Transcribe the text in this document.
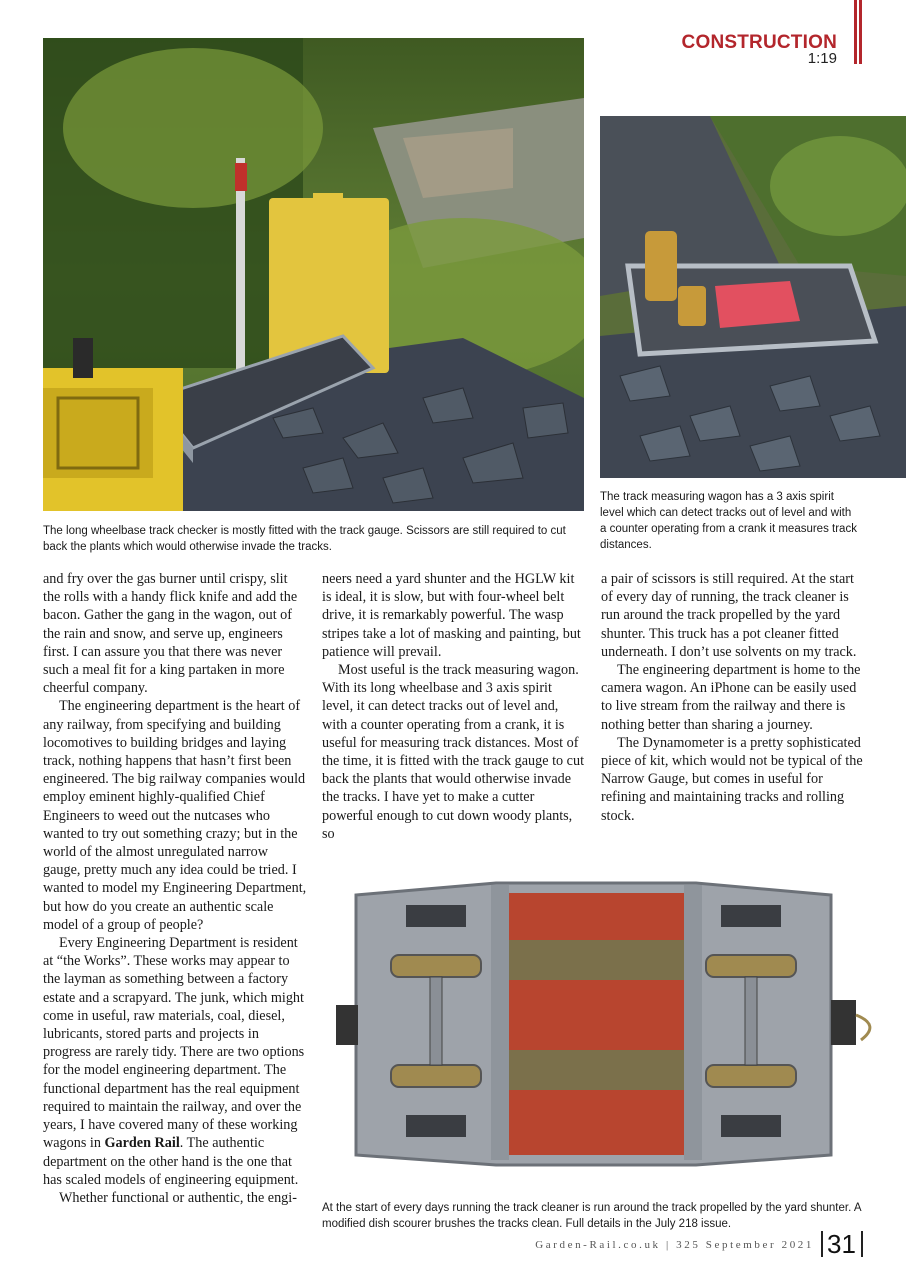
CONSTRUCTION
1:19
The long wheelbase track checker is mostly fitted with the track gauge. Scissors are still required to cut back the plants which would otherwise invade the tracks.
The track measuring wagon has a 3 axis spirit level which can detect tracks out of level and with a counter operating from a crank it measures track distances.

and fry over the gas burner until crispy, slit the rolls with a handy flick knife and add the bacon. Gather the gang in the wagon, out of the rain and snow, and serve up, engineers first. I can assure you that there was never such a meal fit for a king partaken in more cheerful company.

The engineering department is the heart of any railway, from specifying and building locomotives to building bridges and laying track, nothing happens that hasn’t first been engineered. The big railway companies would employ eminent highly-qualified Chief Engineers to weed out the nutcases who wanted to try out something crazy; but in the world of the almost unregulated narrow gauge, pretty much any idea could be tried. I wanted to model my Engineering Department, but how do you create an authentic scale model of a group of people?

Every Engineering Department is resident at “the Works”. These works may appear to the layman as something between a factory estate and a scrapyard. The junk, which might come in useful, raw materials, coal, diesel, lubricants, stored parts and projects in progress are rarely tidy. There are two options for the model engineering department. The functional department has the real equipment required to maintain the railway, and over the years, I have covered many of these working wagons in Garden Rail. The authentic department on the other hand is the one that has scaled models of engineering equipment.

Whether functional or authentic, the engi-

neers need a yard shunter and the HGLW kit is ideal, it is slow, but with four-wheel belt drive, it is remarkably powerful. The wasp stripes take a lot of masking and painting, but patience will prevail.

Most useful is the track measuring wagon. With its long wheelbase and 3 axis spirit level, it can detect tracks out of level and, with a counter operating from a crank, it is useful for measuring track distances. Most of the time, it is fitted with the track gauge to cut back the plants that would otherwise invade the tracks. I have yet to make a cutter powerful enough to cut down woody plants, so

a pair of scissors is still required. At the start of every day of running, the track cleaner is run around the track propelled by the yard shunter. This truck has a pot cleaner fitted underneath. I don’t use solvents on my track.

The engineering department is home to the camera wagon. An iPhone can be easily used to live stream from the railway and there is nothing better than sharing a journey.

The Dynamometer is a pretty sophisticated piece of kit, which would not be typical of the Narrow Gauge, but comes in useful for refining and maintaining tracks and rolling stock.

At the start of every days running the track cleaner is run around the track propelled by the yard shunter. A modified dish scourer brushes the tracks clean. Full details in the July 218 issue.
Garden-Rail.co.uk | 325 September 2021 31
